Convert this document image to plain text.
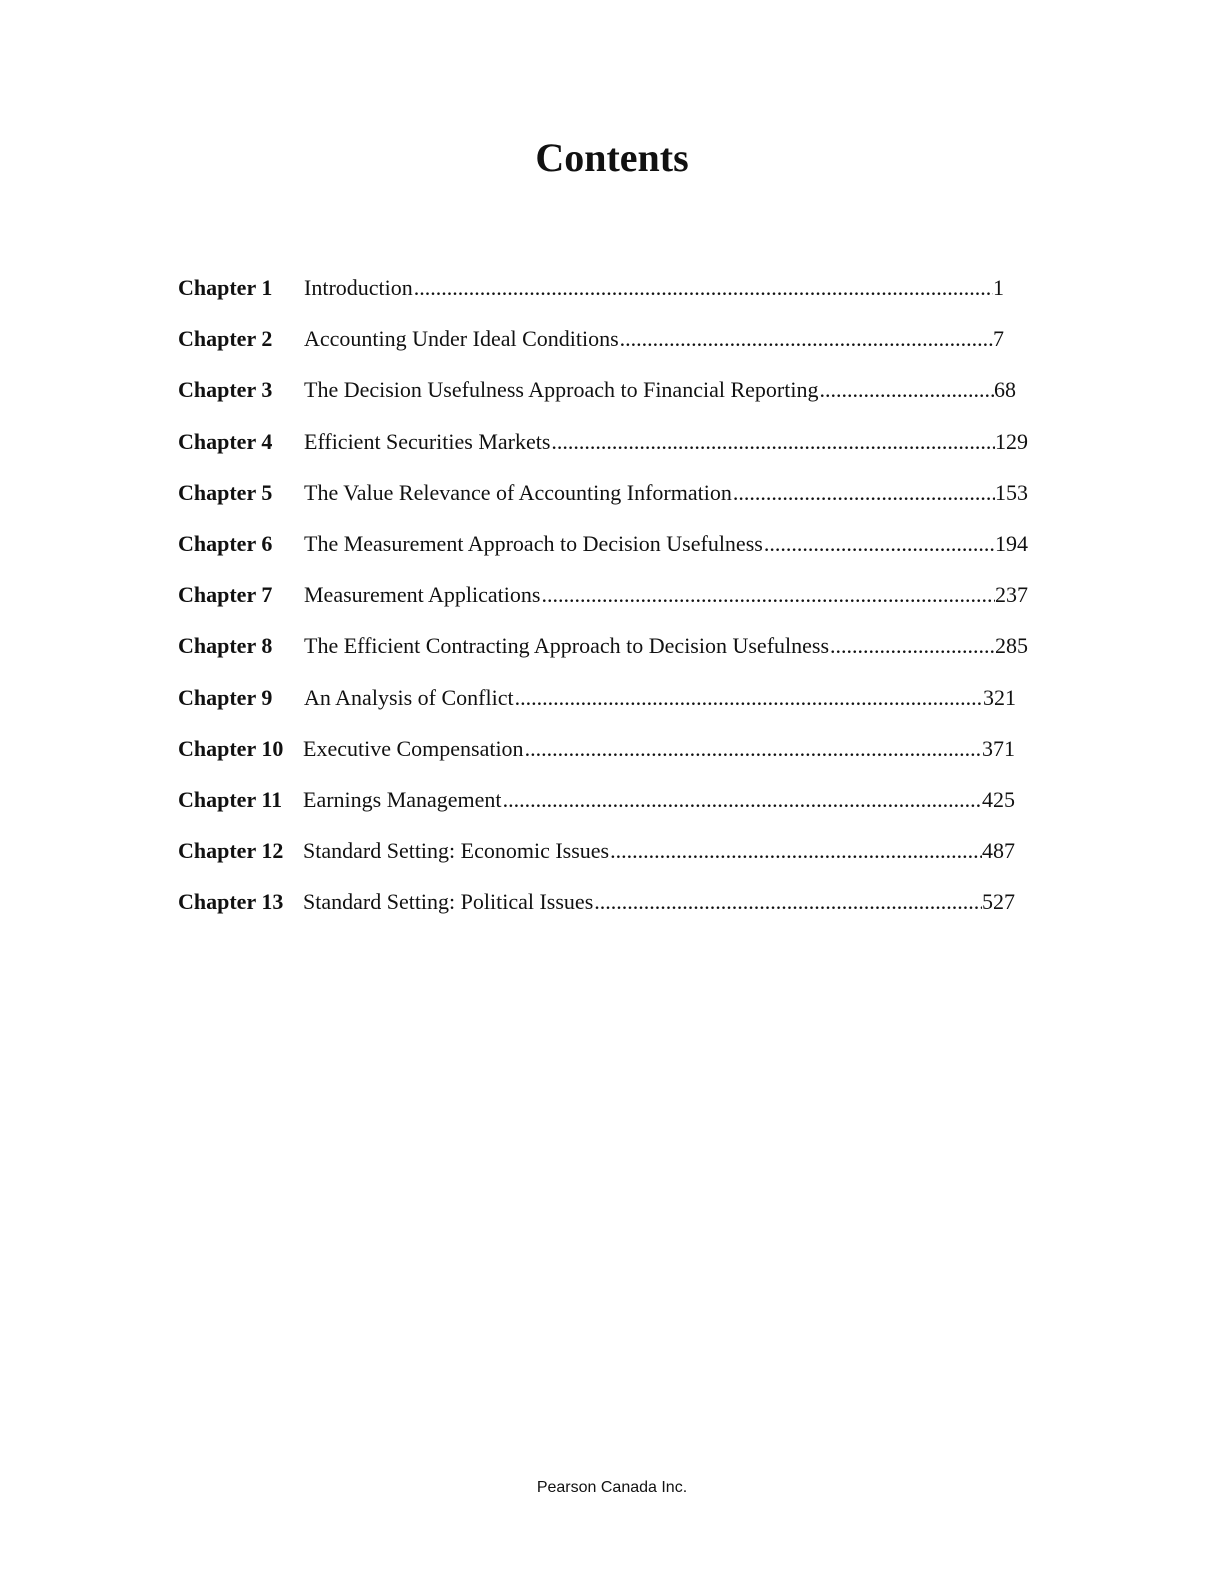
Contents
Chapter 1 Introduction .....	1
Chapter 2 Accounting Under Ideal Conditions .....	7
Chapter 3 The Decision Usefulness Approach to Financial Reporting .....	68
Chapter 4 Efficient Securities Markets .....	129
Chapter 5 The Value Relevance of Accounting Information .....	153
Chapter 6 The Measurement Approach to Decision Usefulness .....	194
Chapter 7 Measurement Applications .....	237
Chapter 8 The Efficient Contracting Approach to Decision Usefulness .....	285
Chapter 9 An Analysis of Conflict .....	321
Chapter 10 Executive Compensation .....	371
Chapter 11 Earnings Management .....	425
Chapter 12 Standard Setting: Economic Issues .....	487
Chapter 13 Standard Setting: Political Issues .....	527
Pearson Canada Inc.
